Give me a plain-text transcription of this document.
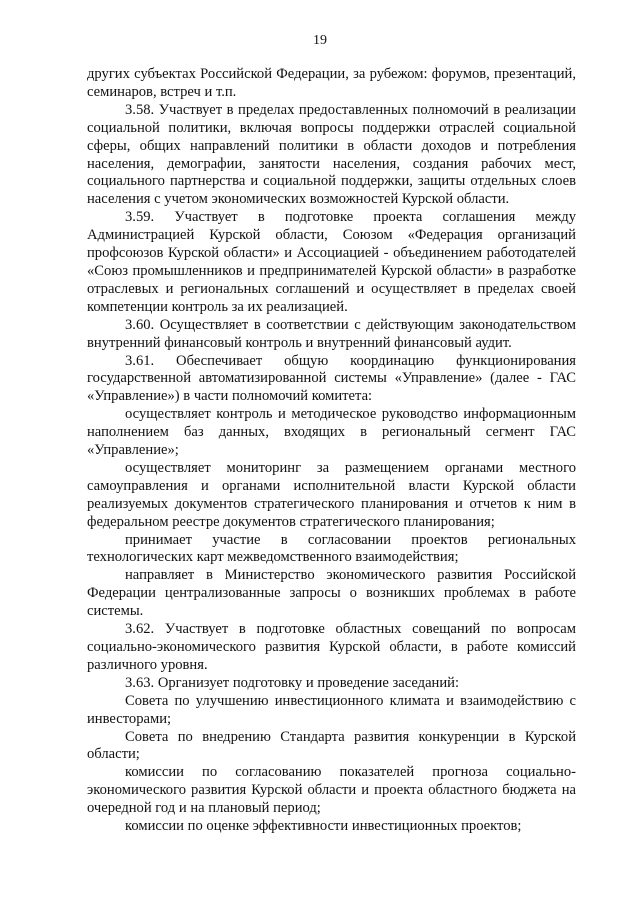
19

других субъектах Российской Федерации, за рубежом: форумов, презентаций, семинаров, встреч и т.п.

3.58. Участвует в пределах предоставленных полномочий в реализации социальной политики, включая вопросы поддержки отраслей социальной сферы, общих направлений политики в области доходов и потребления населения, демографии, занятости населения, создания рабочих мест, социального партнерства и социальной поддержки, защиты отдельных слоев населения с учетом экономических возможностей Курской области.

3.59. Участвует в подготовке проекта соглашения между Администрацией Курской области, Союзом «Федерация организаций профсоюзов Курской области» и Ассоциацией - объединением работодателей «Союз промышленников и предпринимателей Курской области» в разработке отраслевых и региональных соглашений и осуществляет в пределах своей компетенции контроль за их реализацией.

3.60. Осуществляет в соответствии с действующим законодательством внутренний финансовый контроль и внутренний финансовый аудит.

3.61. Обеспечивает общую координацию функционирования государственной автоматизированной системы «Управление» (далее - ГАС «Управление») в части полномочий комитета:

осуществляет контроль и методическое руководство информационным наполнением баз данных, входящих в региональный сегмент ГАС «Управление»;

осуществляет мониторинг за размещением органами местного самоуправления и органами исполнительной власти Курской области реализуемых документов стратегического планирования и отчетов к ним в федеральном реестре документов стратегического планирования;

принимает участие в согласовании проектов региональных технологических карт межведомственного взаимодействия;

направляет в Министерство экономического развития Российской Федерации централизованные запросы о возникших проблемах в работе системы.

3.62. Участвует в подготовке областных совещаний по вопросам социально-экономического развития Курской области, в работе комиссий различного уровня.

3.63. Организует подготовку и проведение заседаний:

Совета по улучшению инвестиционного климата и взаимодействию с инвесторами;

Совета по внедрению Стандарта развития конкуренции в Курской области;

комиссии по согласованию показателей прогноза социально-экономического развития Курской области и проекта областного бюджета на очередной год и на плановый период;

комиссии по оценке эффективности инвестиционных проектов;
